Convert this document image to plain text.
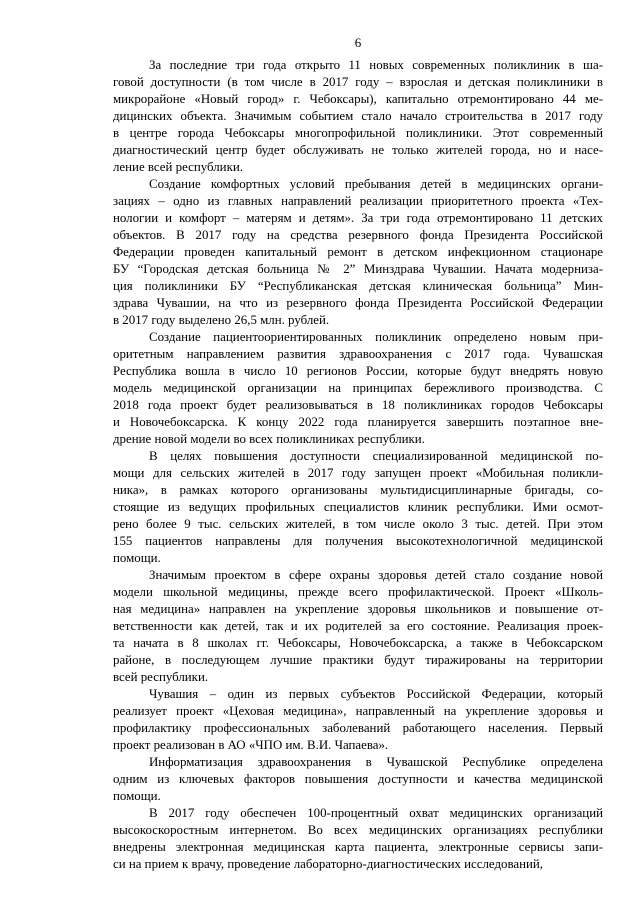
6

За последние три года открыто 11 новых современных поликлиник в ша-
говой доступности (в том числе в 2017 году – взрослая и детская поликлиники в
микрорайоне «Новый город» г. Чебоксары), капитально отремонтировано 44 ме-
дицинских объекта. Значимым событием стало начало строительства в 2017 году
в центре города Чебоксары многопрофильной поликлиники. Этот современный
диагностический центр будет обслуживать не только жителей города, но и насе-
ление всей республики.

Создание комфортных условий пребывания детей в медицинских органи-
зациях – одно из главных направлений реализации приоритетного проекта «Тех-
нологии и комфорт – матерям и детям». За три года отремонтировано 11 детских
объектов. В 2017 году на средства резервного фонда Президента Российской
Федерации проведен капитальный ремонт в детском инфекционном стационаре
БУ “Городская детская больница № 2” Минздрава Чувашии. Начата модерниза-
ция поликлиники БУ “Республиканская детская клиническая больница” Мин-
здрава Чувашии, на что из резервного фонда Президента Российской Федерации
в 2017 году выделено 26,5 млн. рублей.

Создание пациентоориентированных поликлиник определено новым при-
оритетным направлением развития здравоохранения с 2017 года. Чувашская
Республика вошла в число 10 регионов России, которые будут внедрять новую
модель медицинской организации на принципах бережливого производства. С
2018 года проект будет реализовываться в 18 поликлиниках городов Чебоксары
и Новочебоксарска. К концу 2022 года планируется завершить поэтапное вне-
дрение новой модели во всех поликлиниках республики.

В целях повышения доступности специализированной медицинской по-
мощи для сельских жителей в 2017 году запущен проект «Мобильная поликли-
ника», в рамках которого организованы мультидисциплинарные бригады, со-
стоящие из ведущих профильных специалистов клиник республики. Ими осмот-
рено более 9 тыс. сельских жителей, в том числе около 3 тыс. детей. При этом
155 пациентов направлены для получения высокотехнологичной медицинской
помощи.

Значимым проектом в сфере охраны здоровья детей стало создание новой
модели школьной медицины, прежде всего профилактической. Проект «Школь-
ная медицина» направлен на укрепление здоровья школьников и повышение от-
ветственности как детей, так и их родителей за его состояние. Реализация проек-
та начата в 8 школах гг. Чебоксары, Новочебоксарска, а также в Чебоксарском
районе, в последующем лучшие практики будут тиражированы на территории
всей республики.

Чувашия – один из первых субъектов Российской Федерации, который
реализует проект «Цеховая медицина», направленный на укрепление здоровья и
профилактику профессиональных заболеваний работающего населения. Первый
проект реализован в АО «ЧПО им. В.И. Чапаева».

Информатизация здравоохранения в Чувашской Республике определена
одним из ключевых факторов повышения доступности и качества медицинской
помощи.

В 2017 году обеспечен 100-процентный охват медицинских организаций
высокоскоростным интернетом. Во всех медицинских организациях республики
внедрены электронная медицинская карта пациента, электронные сервисы запи-
си на прием к врачу, проведение лабораторно-диагностических исследований,
